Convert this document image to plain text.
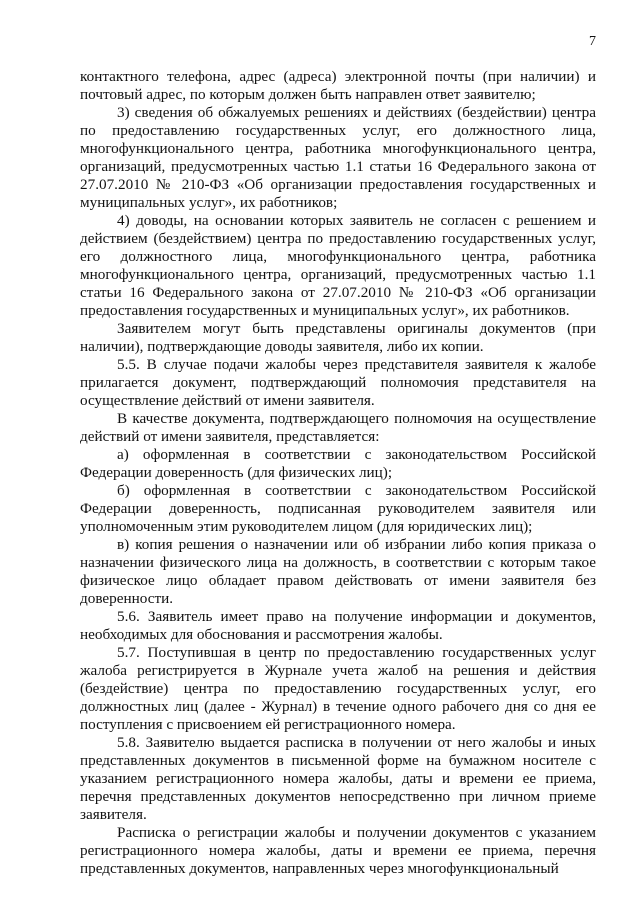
7

контактного телефона, адрес (адреса) электронной почты (при наличии) и почтовый адрес, по которым должен быть направлен ответ заявителю;

3) сведения об обжалуемых решениях и действиях (бездействии) центра по предоставлению государственных услуг, его должностного лица, многофункционального центра, работника многофункционального центра, организаций, предусмотренных частью 1.1 статьи 16 Федерального закона от 27.07.2010 № 210-ФЗ «Об организации предоставления государственных и муниципальных услуг», их работников;

4) доводы, на основании которых заявитель не согласен с решением и действием (бездействием) центра по предоставлению государственных услуг, его должностного лица, многофункционального центра, работника многофункционального центра, организаций, предусмотренных частью 1.1 статьи 16 Федерального закона от 27.07.2010 № 210-ФЗ «Об организации предоставления государственных и муниципальных услуг», их работников.

Заявителем могут быть представлены оригиналы документов (при наличии), подтверждающие доводы заявителя, либо их копии.

5.5. В случае подачи жалобы через представителя заявителя к жалобе прилагается документ, подтверждающий полномочия представителя на осуществление действий от имени заявителя.

В качестве документа, подтверждающего полномочия на осуществление действий от имени заявителя, представляется:

а) оформленная в соответствии с законодательством Российской Федерации доверенность (для физических лиц);

б) оформленная в соответствии с законодательством Российской Федерации доверенность, подписанная руководителем заявителя или уполномоченным этим руководителем лицом (для юридических лиц);

в) копия решения о назначении или об избрании либо копия приказа о назначении физического лица на должность, в соответствии с которым такое физическое лицо обладает правом действовать от имени заявителя без доверенности.

5.6. Заявитель имеет право на получение информации и документов, необходимых для обоснования и рассмотрения жалобы.

5.7. Поступившая в центр по предоставлению государственных услуг жалоба регистрируется в Журнале учета жалоб на решения и действия (бездействие) центра по предоставлению государственных услуг, его должностных лиц (далее - Журнал) в течение одного рабочего дня со дня ее поступления с присвоением ей регистрационного номера.

5.8. Заявителю выдается расписка в получении от него жалобы и иных представленных документов в письменной форме на бумажном носителе с указанием регистрационного номера жалобы, даты и времени ее приема, перечня представленных документов непосредственно при личном приеме заявителя.

Расписка о регистрации жалобы и получении документов с указанием регистрационного номера жалобы, даты и времени ее приема, перечня представленных документов, направленных через многофункциональный
